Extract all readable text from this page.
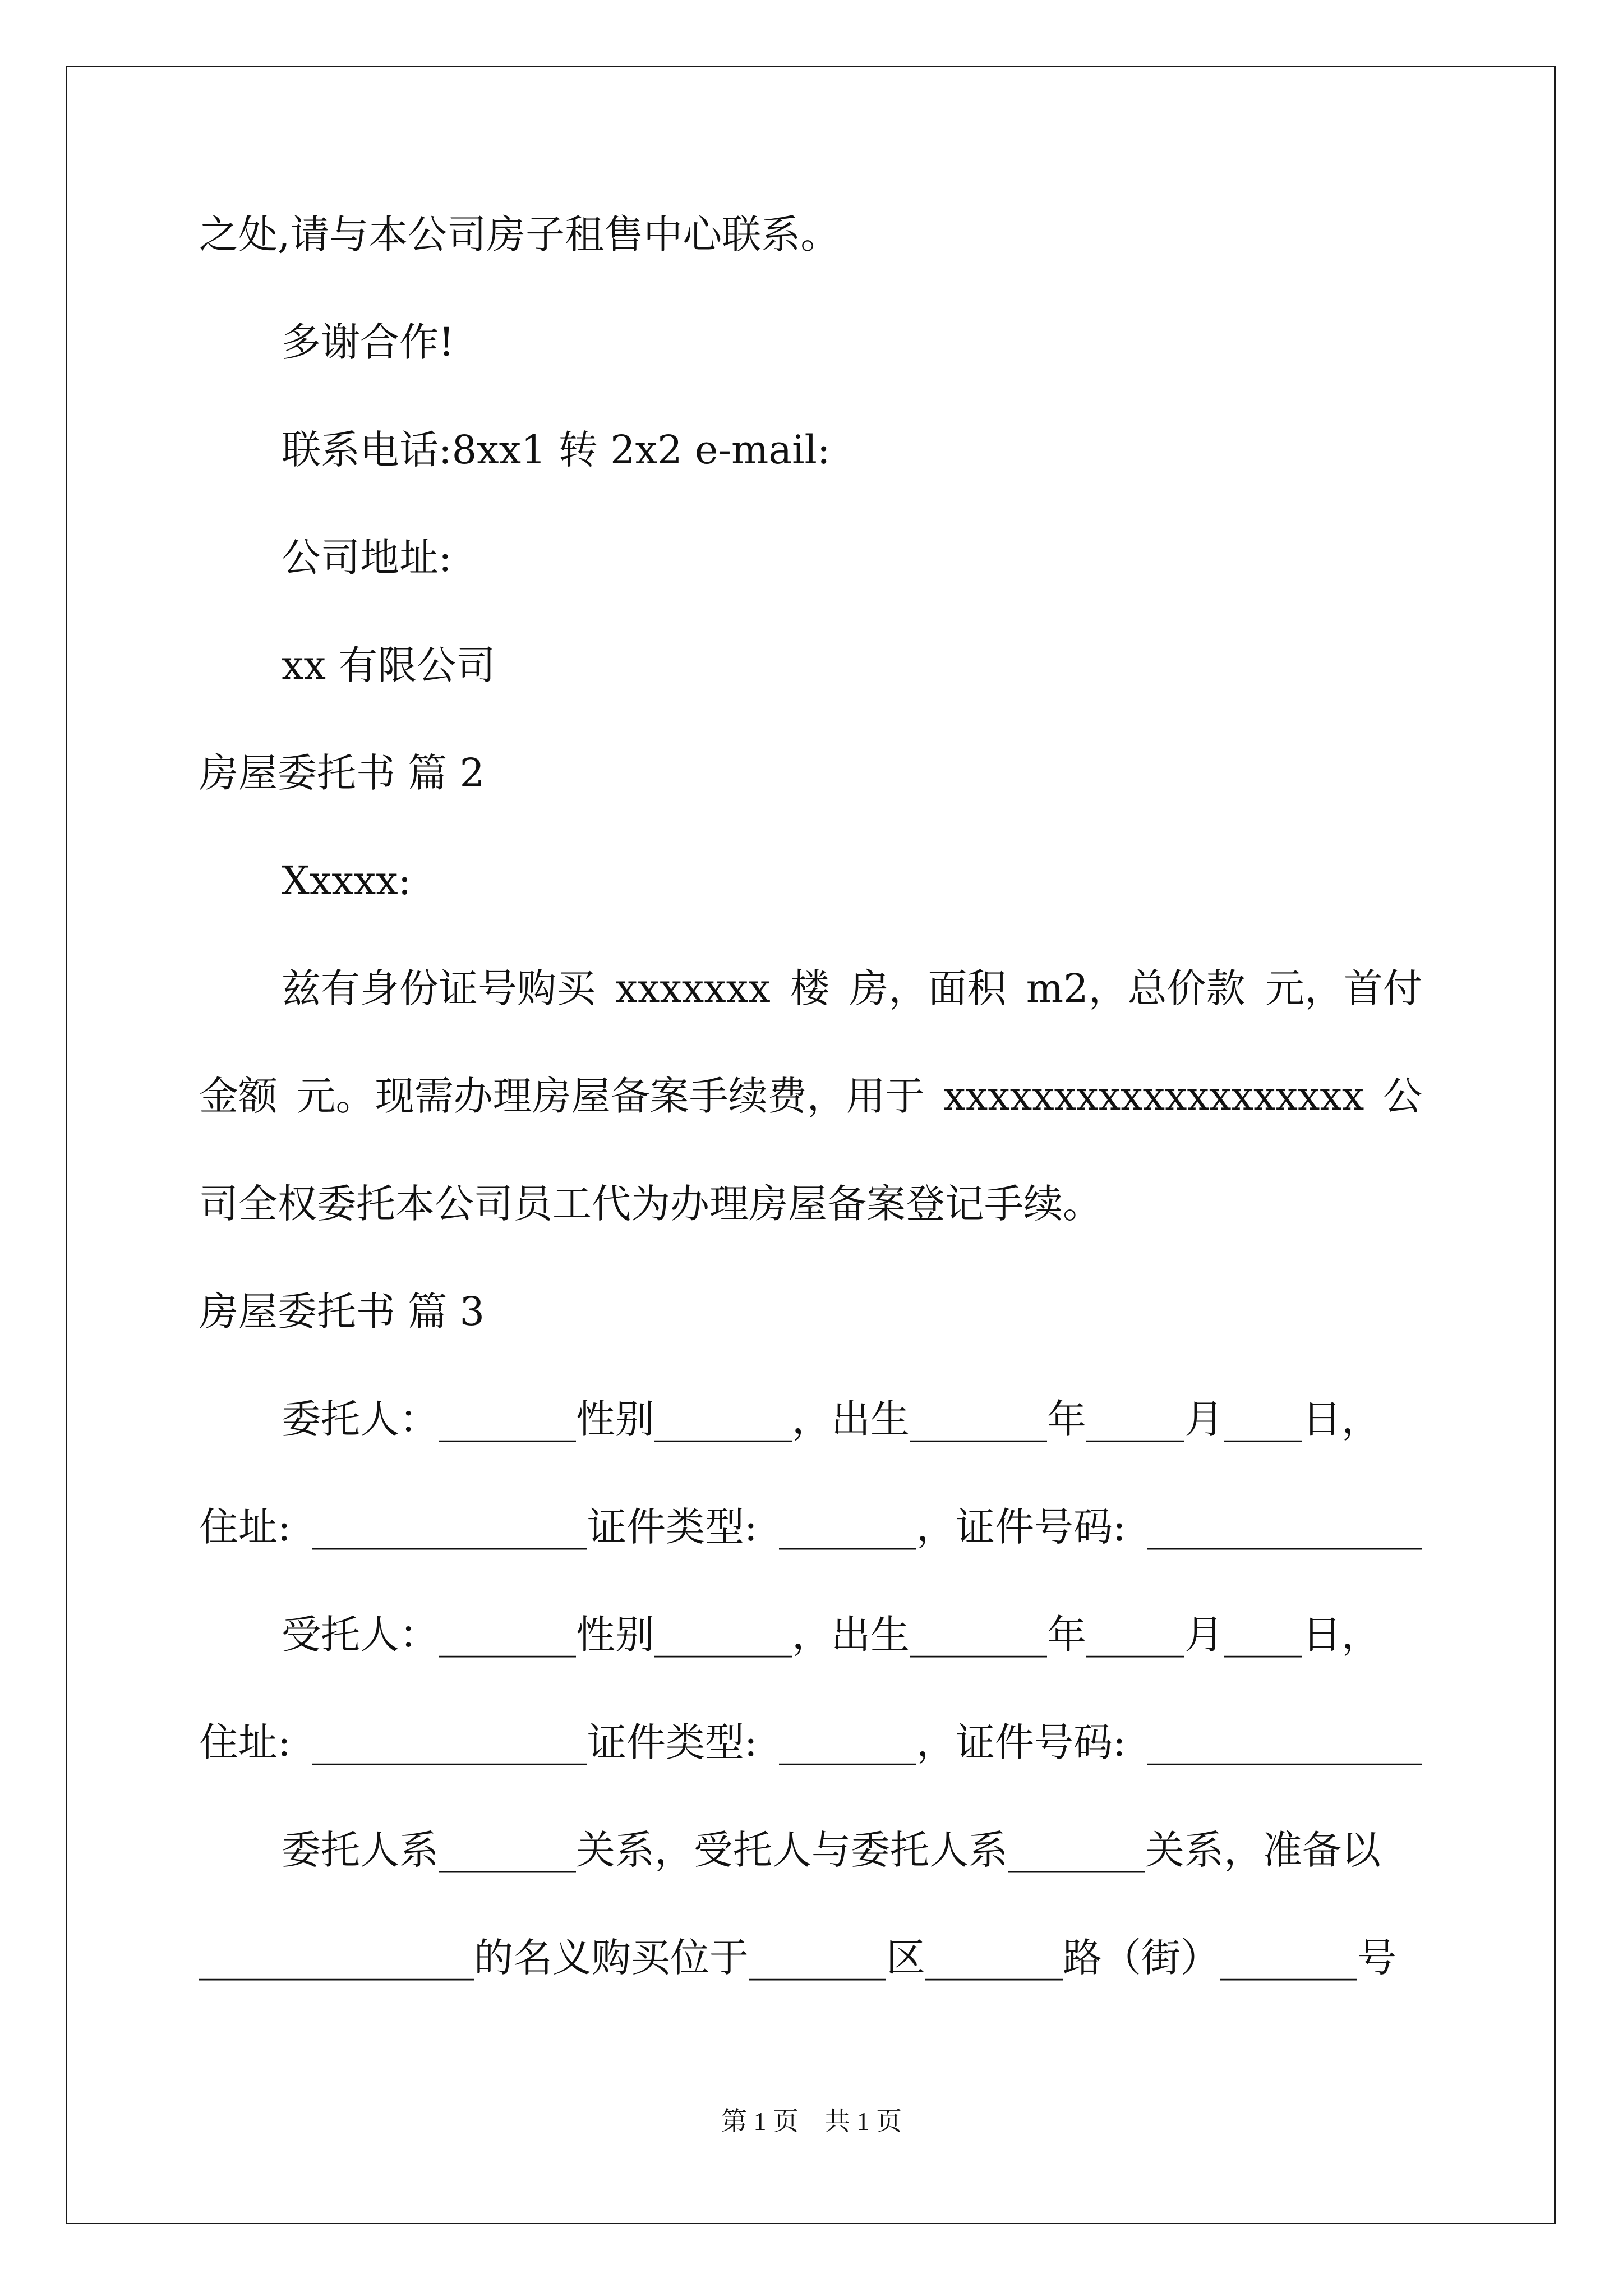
之处,请与本公司房子租售中心联系。
多谢合作!
联系电话:8xx1 转 2x2 e-mail:
公司地址:
xx 有限公司
房屋委托书 篇 2
Xxxxx:
兹有身份证号购买 xxxxxxx 楼 房，面积 m2，总价款 元，首付
金额 元。现需办理房屋备案手续费，用于 xxxxxxxxxxxxxxxxxxx 公
司全权委托本公司员工代为办理房屋备案登记手续。
房屋委托书 篇 3
委托人：_______性别_______，出生_______年_____月____日，
住址: ______________证件类型: _______，证件号码: ______________
受托人：_______性别_______，出生_______年_____月____日，
住址: ______________证件类型: _______，证件号码: ______________
委托人系_______关系，受托人与委托人系_______关系，准备以
______________的名义购买位于_______区_______路（街）_______号
第 1 页　共 1 页
